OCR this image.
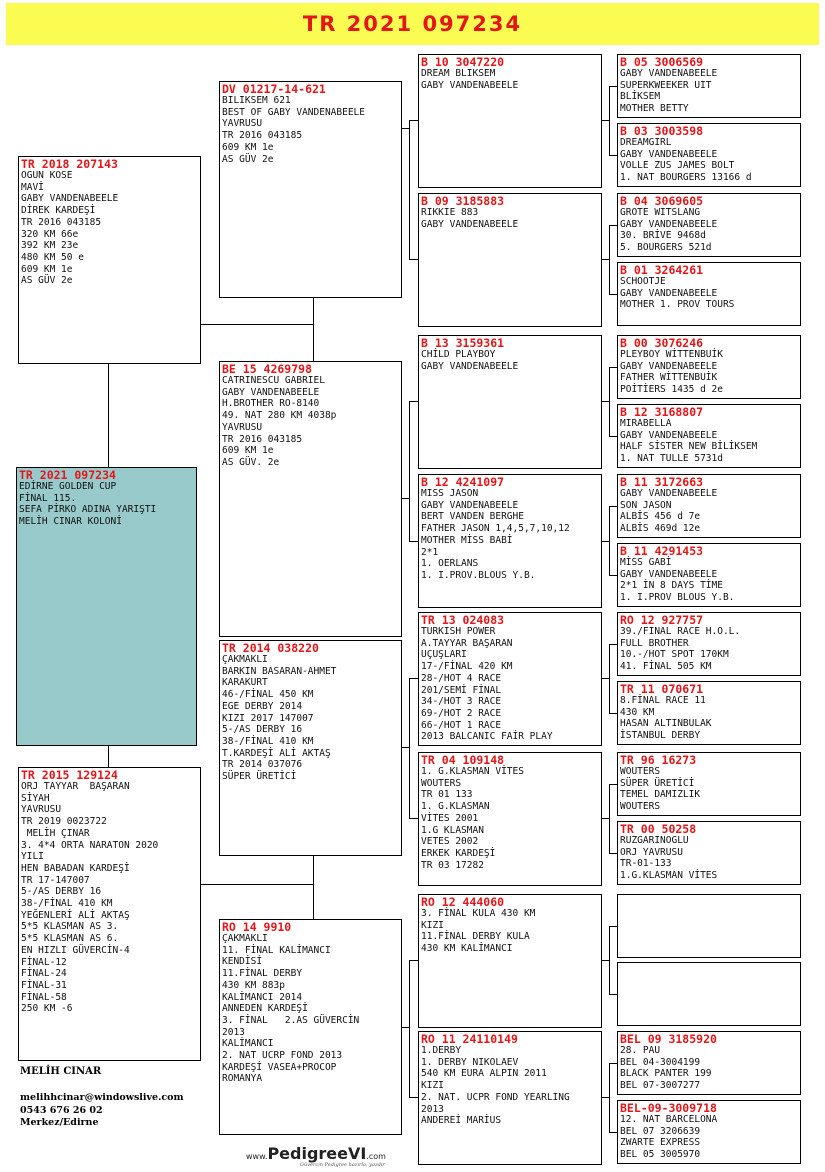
TR 2021 097234
TR 2021 097234
EDİRNE GOLDEN CUP
FİNAL 115.
SEFA PİRKO ADINA YARIŞTI
MELİH CINAR KOLONİ
TR 2018 207143
OGUN KOSE
MAVİ
GABY VANDENABEELE
DİREK KARDEŞİ
TR 2016 043185
320 KM 66e
392 KM 23e
480 KM 50 e
609 KM 1e
AS GÜV 2e
TR 2015 129124
ORJ TAYYAR  BAŞARAN
SİYAH
YAVRUSU
TR 2019 0023722
MELİH ÇINAR
3. 4*4 ORTA NARATON 2020
YILI
HEN BABADAN KARDEŞİ
TR 17-147007
5-/AS DERBY 16
38-/FİNAL 410 KM
YEĞENLERİ ALİ AKTAŞ
5*5 KLASMAN AS 3.
5*5 KLASMAN AS 6.
EN HIZLI GÜVERCİN-4
FİNAL-12
FİNAL-24
FİNAL-31
FİNAL-58
250 KM -6
DV 01217-14-621
BILIKSEM 621
BEST OF GABY VANDENABEELE
YAVRUSU
TR 2016 043185
609 KM 1e
AS GÜV 2e
BE 15 4269798
CATRINESCU GABRIEL
GABY VANDENABEELE
H.BROTHER RO-8140
49. NAT 280 KM 4038p
YAVRUSU
TR 2016 043185
609 KM 1e
AS GÜV. 2e
TR 2014 038220
ÇAKMAKLI
BARKIN BASARAN-AHMET
KARAKURT
46-/FİNAL 450 KM
EGE DERBY 2014
KIZI 2017 147007
5-/AS DERBY 16
38-/FİNAL 410 KM
T.KARDEŞİ ALİ AKTAŞ
TR 2014 037076
SÜPER ÜRETİCİ
RO 14 9910
ÇAKMAKLI
11. FİNAL KALİMANCI
KENDİSİ
11.FİNAL DERBY
430 KM 883p
KALİMANCI 2014
ANNEDEN KARDEŞİ
3. FİNAL   2.AS GÜVERCİN
2013
KALİMANCI
2. NAT UCRP FOND 2013
KARDEŞİ VASEA+PROCOP
ROMANYA
B 10 3047220
DREAM BLIKSEM
GABY VANDENABEELE
B 09 3185883
RIKKIE 883
GABY VANDENABEELE
B 13 3159361
CHİLD PLAYBOY
GABY VANDENABEELE
B 12 4241097
MISS JASON
GABY VANDENABEELE
BERT VANDEN BERGHE
FATHER JASON 1,4,5,7,10,12
MOTHER MİSS BABİ
2*1
1. OERLANS
1. I.PROV.BLOUS Y.B.
TR 13 024083
TURKISH POWER
A.TAYYAR BAŞARAN
UÇUŞLARI
17-/FİNAL 420 KM
28-/HOT 4 RACE
201/SEMİ FİNAL
34-/HOT 3 RACE
69-/HOT 2 RACE
66-/HOT 1 RACE
2013 BALCANIC FAİR PLAY
TR 04 109148
1. G.KLASMAN VİTES
WOUTERS
TR 01 133
1. G.KLASMAN
VİTES 2001
1.G KLASMAN
VETES 2002
ERKEK KARDEŞİ
TR 03 17282
RO 12 444060
3. FİNAL KULA 430 KM
KIZI
11.FİNAL DERBY KULA
430 KM KALİMANCI
RO 11 24110149
1.DERBY
1. DERBY NIKOLAEV
540 KM EURA ALPIN 2011
KIZI
2. NAT. UCPR FOND YEARLING
2013
ANDEREİ MARİUS
B 05 3006569
GABY VANDENABEELE
SUPERKWEEKER UIT
BLİKSEM
MOTHER BETTY
B 03 3003598
DREAMGIRL
GABY VANDENABEELE
VOLLE ZUS JAMES BOLT
1. NAT BOURGERS 13166 d
B 04 3069605
GROTE WITSLANG
GABY VANDENABEELE
30. BRİVE 9468d
5. BOURGERS 521d
B 01 3264261
SCHOOTJE
GABY VANDENABEELE
MOTHER 1. PROV TOURS
B 00 3076246
PLEYBOY WİTTENBUİK
GABY VANDENABEELE
FATHER WİTTENBUİK
POİTİERS 1435 d 2e
B 12 3168807
MIRABELLA
GABY VANDENABEELE
HALF SİSTER NEW BİLİKSEM
1. NAT TULLE 5731d
B 11 3172663
GABY VANDENABEELE
SON JASON
ALBİS 456 d 7e
ALBİS 469d 12e
B 11 4291453
MİSS GABİ
GABY VANDENABEELE
2*1 İN 8 DAYS TİME
1. I.PROV BLOUS Y.B.
RO 12 927757
39./FINAL RACE H.O.L.
FULL BROTHER
10.-/HOT SPOT 170KM
41. FİNAL 505 KM
TR 11 070671
8.FİNAL RACE 11
430 KM
HASAN ALTINBULAK
İSTANBUL DERBY
TR 96 16273
WOUTERS
SÜPER ÜRETİCİ
TEMEL DAMIZLIK
WOUTERS
TR 00 50258
RUZGARINOGLU
ORJ YAVRUSU
TR-01-133
1.G.KLASMAN VİTES
BEL 09 3185920
28. PAU
BEL 04-3004199
BLACK PANTER 199
BEL 07-3007277
BEL-09-3009718
12. NAT BARCELONA
BEL 07 3206639
ZWARTE EXPRESS
BEL 05 3005970
MELİH CINAR
melihhcinar@windowslive.com
0543 676 26 02
Merkez/Edirne
www.PedigreeVI.com
Güvercin Pedigree hazırla, yazdır
